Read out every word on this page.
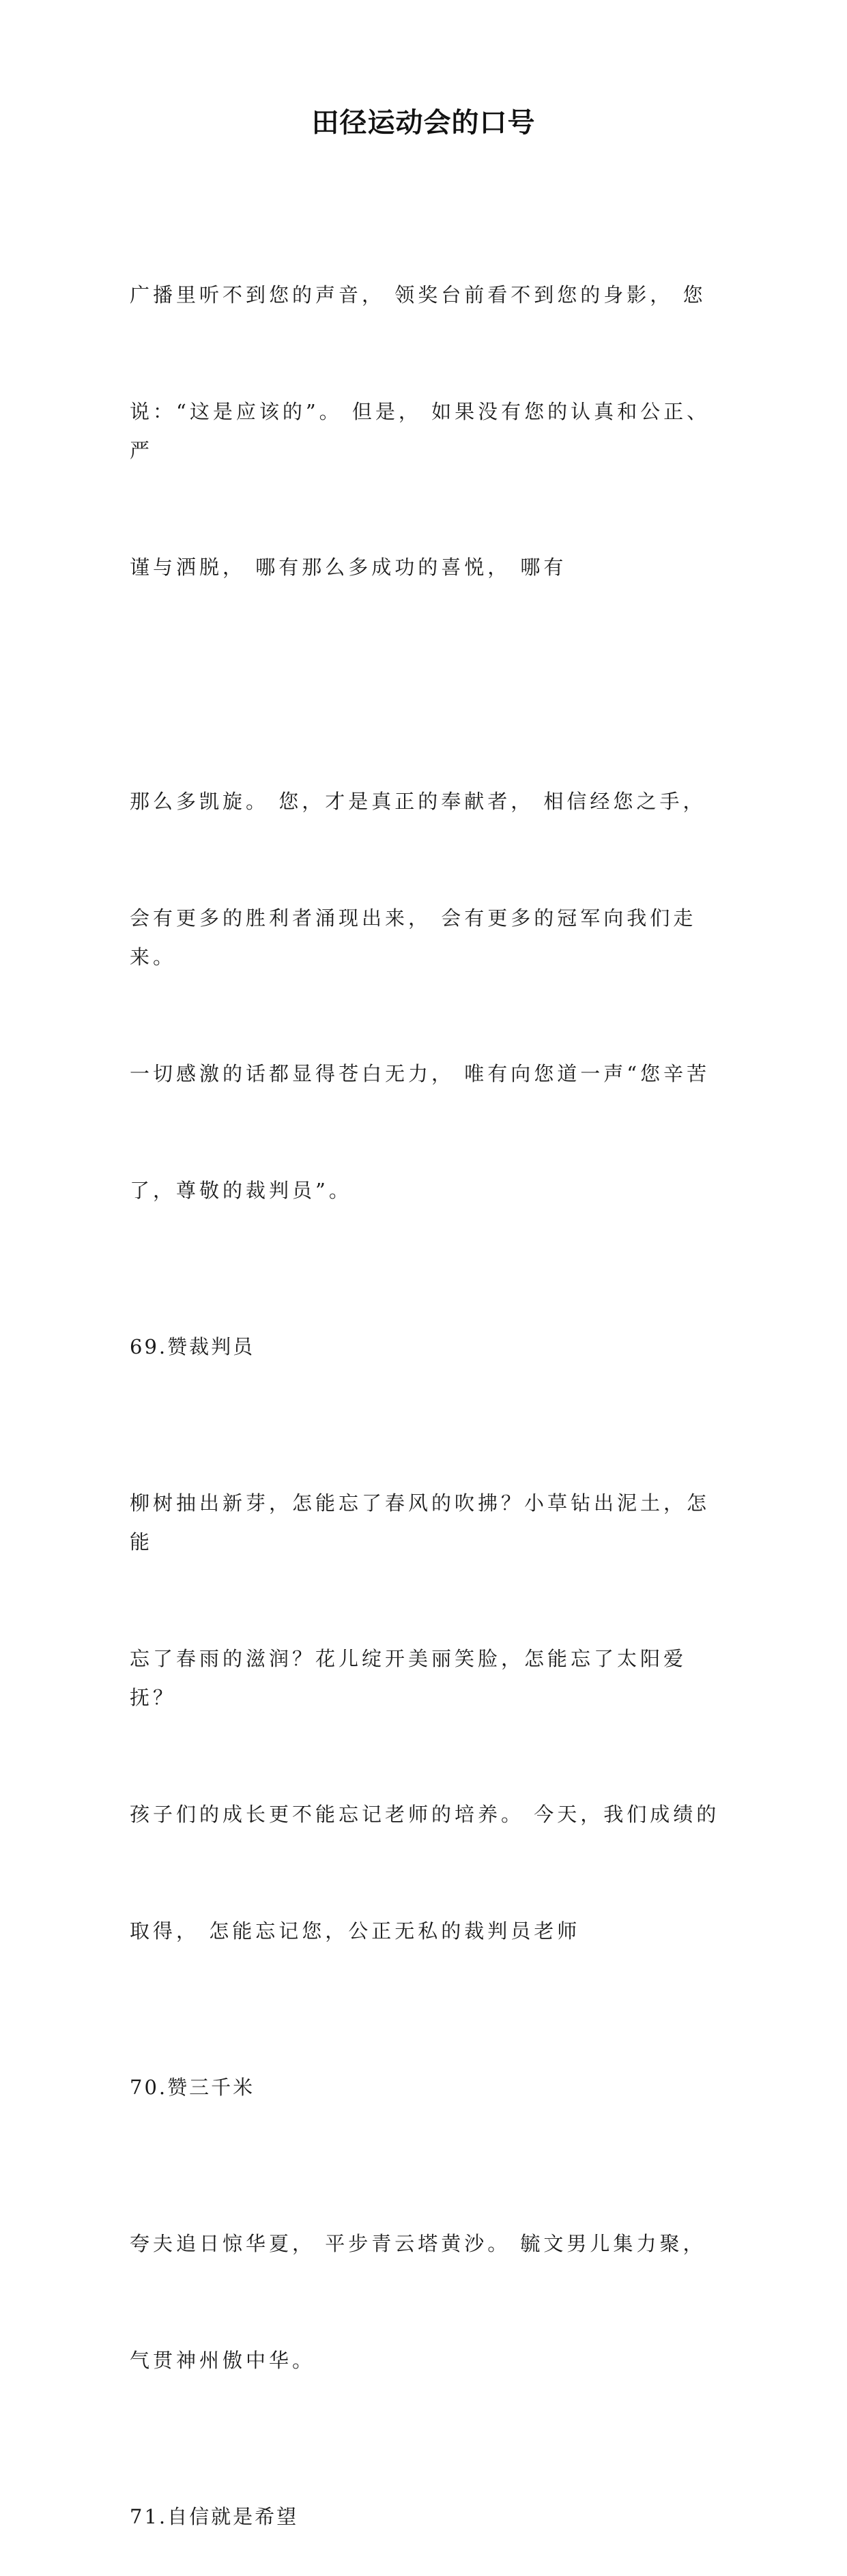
田径运动会的口号

广播里听不到您的声音， 领奖台前看不到您的身影， 您

说：“这是应该的”。 但是， 如果没有您的认真和公正、严

谨与洒脱， 哪有那么多成功的喜悦， 哪有

那么多凯旋。 您，才是真正的奉献者， 相信经您之手，

会有更多的胜利者涌现出来， 会有更多的冠军向我们走来。

一切感激的话都显得苍白无力， 唯有向您道一声“您辛苦

了，尊敬的裁判员”。

69.赞裁判员

柳树抽出新芽，怎能忘了春风的吹拂？小草钻出泥土，怎能

忘了春雨的滋润？花儿绽开美丽笑脸，怎能忘了太阳爱抚？

孩子们的成长更不能忘记老师的培养。 今天，我们成绩的

取得， 怎能忘记您，公正无私的裁判员老师

70.赞三千米

夸夫追日惊华夏， 平步青云塔黄沙。 毓文男儿集力聚，

气贯神州傲中华。

71.自信就是希望
